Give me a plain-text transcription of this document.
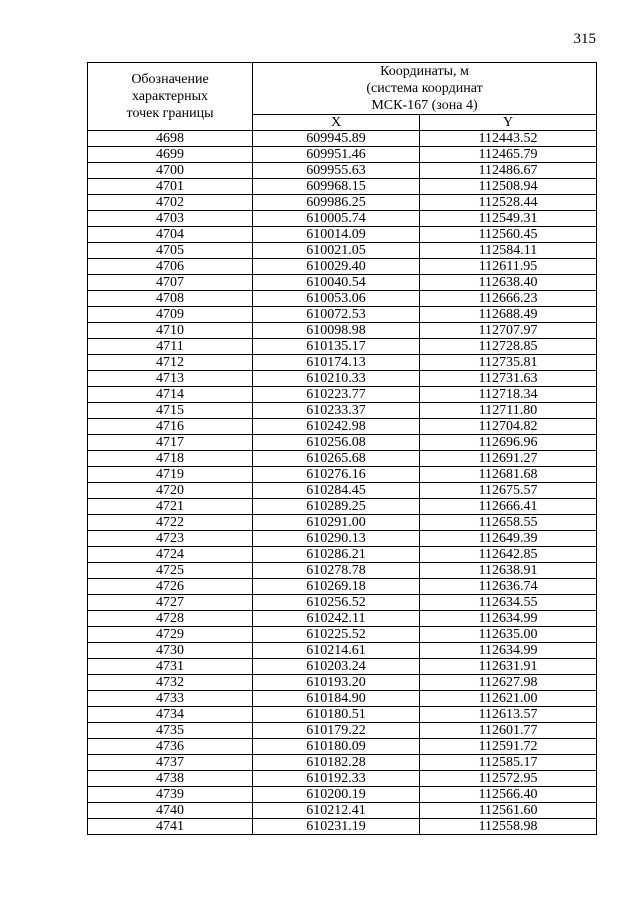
315
Обозначение
характерных
точек границы	Координаты, м
(система координат
МСК-167 (зона 4)	
	X	Y
4698	609945.89	112443.52
4699	609951.46	112465.79
4700	609955.63	112486.67
4701	609968.15	112508.94
4702	609986.25	112528.44
4703	610005.74	112549.31
4704	610014.09	112560.45
4705	610021.05	112584.11
4706	610029.40	112611.95
4707	610040.54	112638.40
4708	610053.06	112666.23
4709	610072.53	112688.49
4710	610098.98	112707.97
4711	610135.17	112728.85
4712	610174.13	112735.81
4713	610210.33	112731.63
4714	610223.77	112718.34
4715	610233.37	112711.80
4716	610242.98	112704.82
4717	610256.08	112696.96
4718	610265.68	112691.27
4719	610276.16	112681.68
4720	610284.45	112675.57
4721	610289.25	112666.41
4722	610291.00	112658.55
4723	610290.13	112649.39
4724	610286.21	112642.85
4725	610278.78	112638.91
4726	610269.18	112636.74
4727	610256.52	112634.55
4728	610242.11	112634.99
4729	610225.52	112635.00
4730	610214.61	112634.99
4731	610203.24	112631.91
4732	610193.20	112627.98
4733	610184.90	112621.00
4734	610180.51	112613.57
4735	610179.22	112601.77
4736	610180.09	112591.72
4737	610182.28	112585.17
4738	610192.33	112572.95
4739	610200.19	112566.40
4740	610212.41	112561.60
4741	610231.19	112558.98
